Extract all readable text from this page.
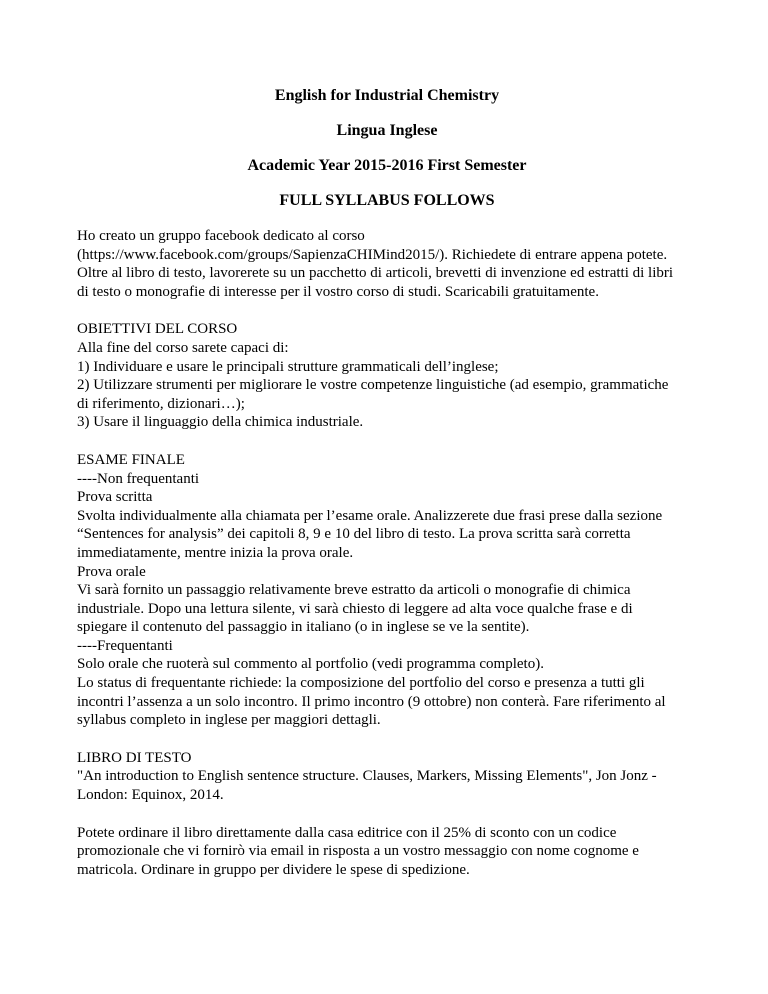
English for Industrial Chemistry

Lingua Inglese

Academic Year 2015-2016 First Semester

FULL SYLLABUS FOLLOWS

Ho creato un gruppo facebook dedicato al corso
(https://www.facebook.com/groups/SapienzaCHIMind2015/). Richiedete di entrare appena potete.
Oltre al libro di testo, lavorerete su un pacchetto di articoli, brevetti di invenzione ed estratti di libri
di testo o monografie di interesse per il vostro corso di studi. Scaricabili gratuitamente.
OBIETTIVI DEL CORSO
Alla fine del corso sarete capaci di:
1) Individuare e usare le principali strutture grammaticali dell’inglese;
2) Utilizzare strumenti per migliorare le vostre competenze linguistiche (ad esempio, grammatiche
di riferimento, dizionari…);
3) Usare il linguaggio della chimica industriale.
ESAME FINALE
----Non frequentanti
Prova scritta
Svolta individualmente alla chiamata per l’esame orale. Analizzerete due frasi prese dalla sezione
“Sentences for analysis” dei capitoli 8, 9 e 10 del libro di testo. La prova scritta sarà corretta
immediatamente, mentre inizia la prova orale.
Prova orale
Vi sarà fornito un passaggio relativamente breve estratto da articoli o monografie di chimica
industriale. Dopo una lettura silente, vi sarà chiesto di leggere ad alta voce qualche frase e di
spiegare il contenuto del passaggio in italiano (o in inglese se ve la sentite).
----Frequentanti
Solo orale che ruoterà sul commento al portfolio (vedi programma completo).
Lo status di frequentante richiede: la composizione del portfolio del corso e presenza a tutti gli
incontri l’assenza a un solo incontro. Il primo incontro (9 ottobre) non conterà. Fare riferimento al
syllabus completo in inglese per maggiori dettagli.
LIBRO DI TESTO
"An introduction to English sentence structure. Clauses, Markers, Missing Elements", Jon Jonz -
London: Equinox, 2014.
Potete ordinare il libro direttamente dalla casa editrice con il 25% di sconto con un codice
promozionale che vi fornirò via email in risposta a un vostro messaggio con nome cognome e
matricola. Ordinare in gruppo per dividere le spese di spedizione.
